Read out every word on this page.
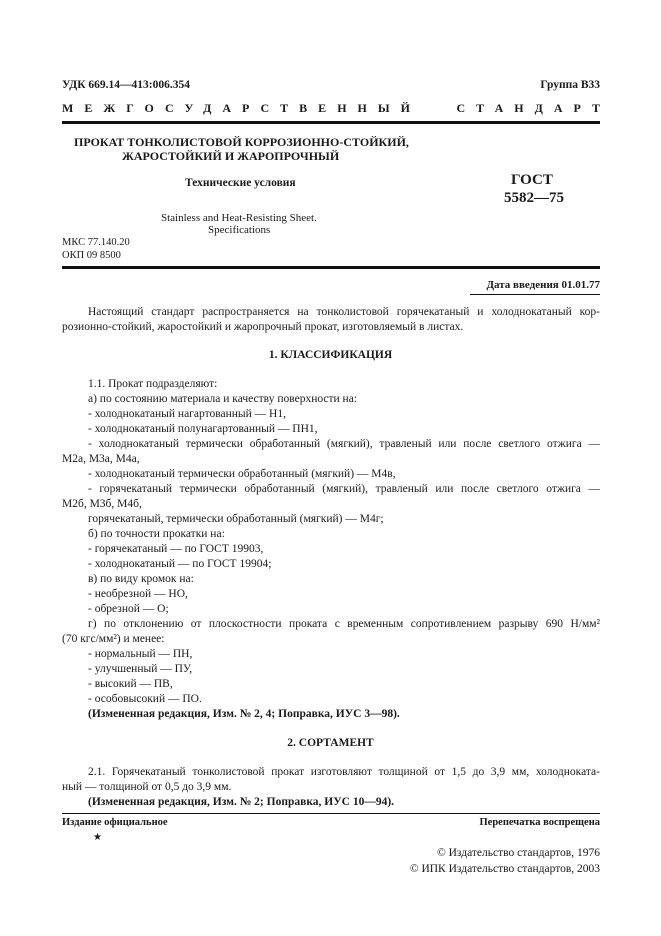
УДК 669.14—413:006.354	Группа В33
МЕЖГОСУДАРСТВЕННЫЙ	СТАНДАРТ
ПРОКАТ ТОНКОЛИСТОВОЙ КОРРОЗИОННО-СТОЙКИЙ,
ЖАРОСТОЙКИЙ И ЖАРОПРОЧНЫЙ
Технические условия	ГОСТ
5582—75
Stainless and Heat-Resisting Sheet.
Specifications
МКС 77.140.20
ОКП 09 8500
Дата введения 01.01.77
Настоящий стандарт распространяется на тонколистовой горячекатаный и холоднокатаный кор-
розионно-стойкий, жаростойкий и жаропрочный прокат, изготовляемый в листах.
1. КЛАССИФИКАЦИЯ
1.1. Прокат подразделяют:
а) по состоянию материала и качеству поверхности на:
- холоднокатаный нагартованный — Н1,
- холоднокатаный полунагартованный — ПН1,
- холоднокатаный термически обработанный (мягкий), травленый или после светлого отжига —
М2а, М3а, М4а,
- холоднокатаный термически обработанный (мягкий) — М4в,
- горячекатаный термически обработанный (мягкий), травленый или после светлого отжига —
М2б, М3б, М4б,
горячекатаный, термически обработанный (мягкий) — М4г;
б) по точности прокатки на:
- горячекатаный — по ГОСТ 19903,
- холоднокатаный — по ГОСТ 19904;
в) по виду кромок на:
- необрезной — НО,
- обрезной — О;
г) по отклонению от плоскостности проката с временным сопротивлением разрыву 690 Н/мм²
(70 кгс/мм²) и менее:
- нормальный — ПН,
- улучшенный — ПУ,
- высокий — ПВ,
- особовысокий — ПО.
(Измененная редакция, Изм. № 2, 4; Поправка, ИУС 3—98).
2. СОРТАМЕНТ
2.1. Горячекатаный тонколистовой прокат изготовляют толщиной от 1,5 до 3,9 мм, холодноката-
ный — толщиной от 0,5 до 3,9 мм.
(Измененная редакция, Изм. № 2; Поправка, ИУС 10—94).
Издание официальное
★
Перепечатка воспрещена
© Издательство стандартов, 1976
© ИПК Издательство стандартов, 2003
